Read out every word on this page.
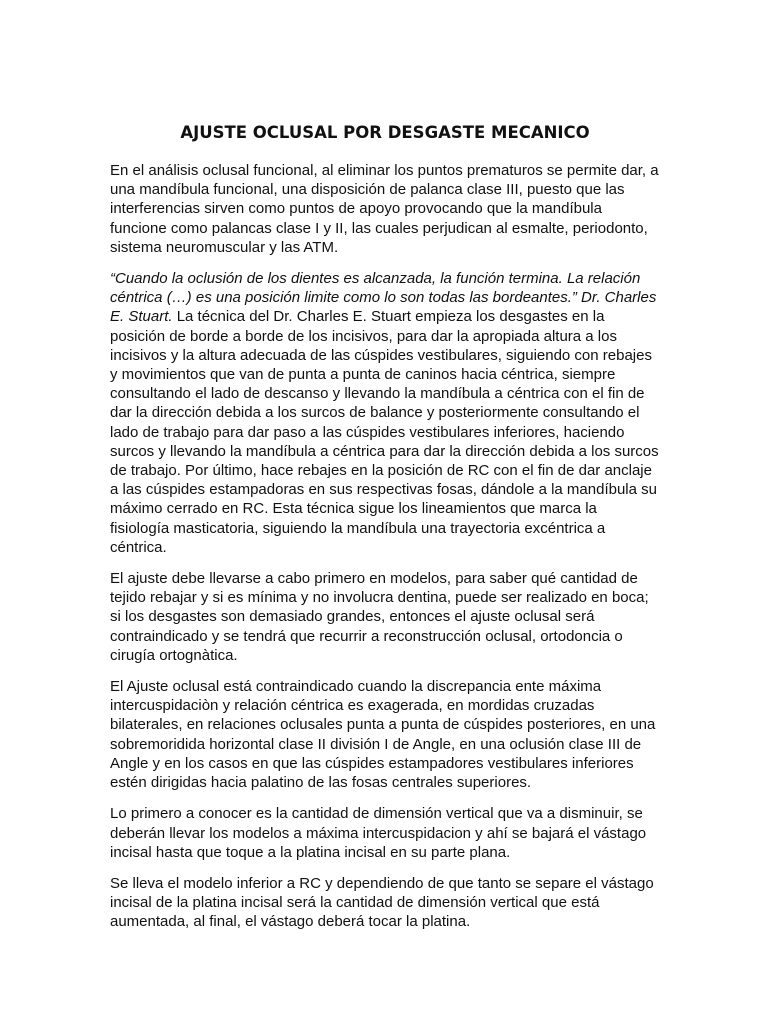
AJUSTE OCLUSAL POR DESGASTE MECANICO

En el análisis oclusal funcional, al eliminar los puntos prematuros se permite dar, a una mandíbula funcional, una disposición de palanca clase III, puesto que las interferencias sirven como puntos de apoyo provocando que la mandíbula funcione como palancas clase I y II, las cuales perjudican al esmalte, periodonto, sistema neuromuscular y las ATM.

“Cuando la oclusión de los dientes es alcanzada, la función termina. La relación céntrica (…) es una posición limite como lo son todas las bordeantes.” Dr. Charles E. Stuart. La técnica del Dr. Charles E. Stuart empieza los desgastes en la posición de borde a borde de los incisivos, para dar la apropiada altura a los incisivos y la altura adecuada de las cúspides vestibulares, siguiendo con rebajes y movimientos que van de punta a punta de caninos hacia céntrica, siempre consultando el lado de descanso y llevando la mandíbula a céntrica con el fin de dar la dirección debida a los surcos de balance y posteriormente consultando el lado de trabajo para dar paso a las cúspides vestibulares inferiores, haciendo surcos y llevando la mandíbula a céntrica para dar la dirección debida a los surcos de trabajo. Por último, hace rebajes en la posición de RC con el fin de dar anclaje a las cúspides estampadoras en sus respectivas fosas, dándole a la mandíbula su máximo cerrado en RC. Esta técnica sigue los lineamientos que marca la fisiología masticatoria, siguiendo la mandíbula una trayectoria excéntrica a céntrica.

El ajuste debe llevarse a cabo primero en modelos, para saber qué cantidad de tejido rebajar y si es mínima y no involucra dentina, puede ser realizado en boca; si los desgastes son demasiado grandes, entonces el ajuste oclusal será contraindicado y se tendrá que recurrir a reconstrucción oclusal, ortodoncia o cirugía ortognàtica.

El Ajuste oclusal está contraindicado cuando la discrepancia ente máxima intercuspidaciòn y relación céntrica es exagerada, en mordidas cruzadas bilaterales, en relaciones oclusales punta a punta de cúspides posteriores, en una sobremoridida horizontal clase II división I de Angle, en una oclusión clase III de Angle y en los casos en que las cúspides estampadores vestibulares inferiores estén dirigidas hacia palatino de las fosas centrales superiores.

Lo primero a conocer es la cantidad de dimensión vertical que va a disminuir, se deberán llevar los modelos a máxima intercuspidacion y ahí se bajará el vástago incisal hasta que toque a la platina incisal en su parte plana.

Se lleva el modelo inferior a RC y dependiendo de que tanto se separe el vástago incisal de la platina incisal será la cantidad de dimensión vertical que está aumentada, al final, el vástago deberá tocar la platina.
